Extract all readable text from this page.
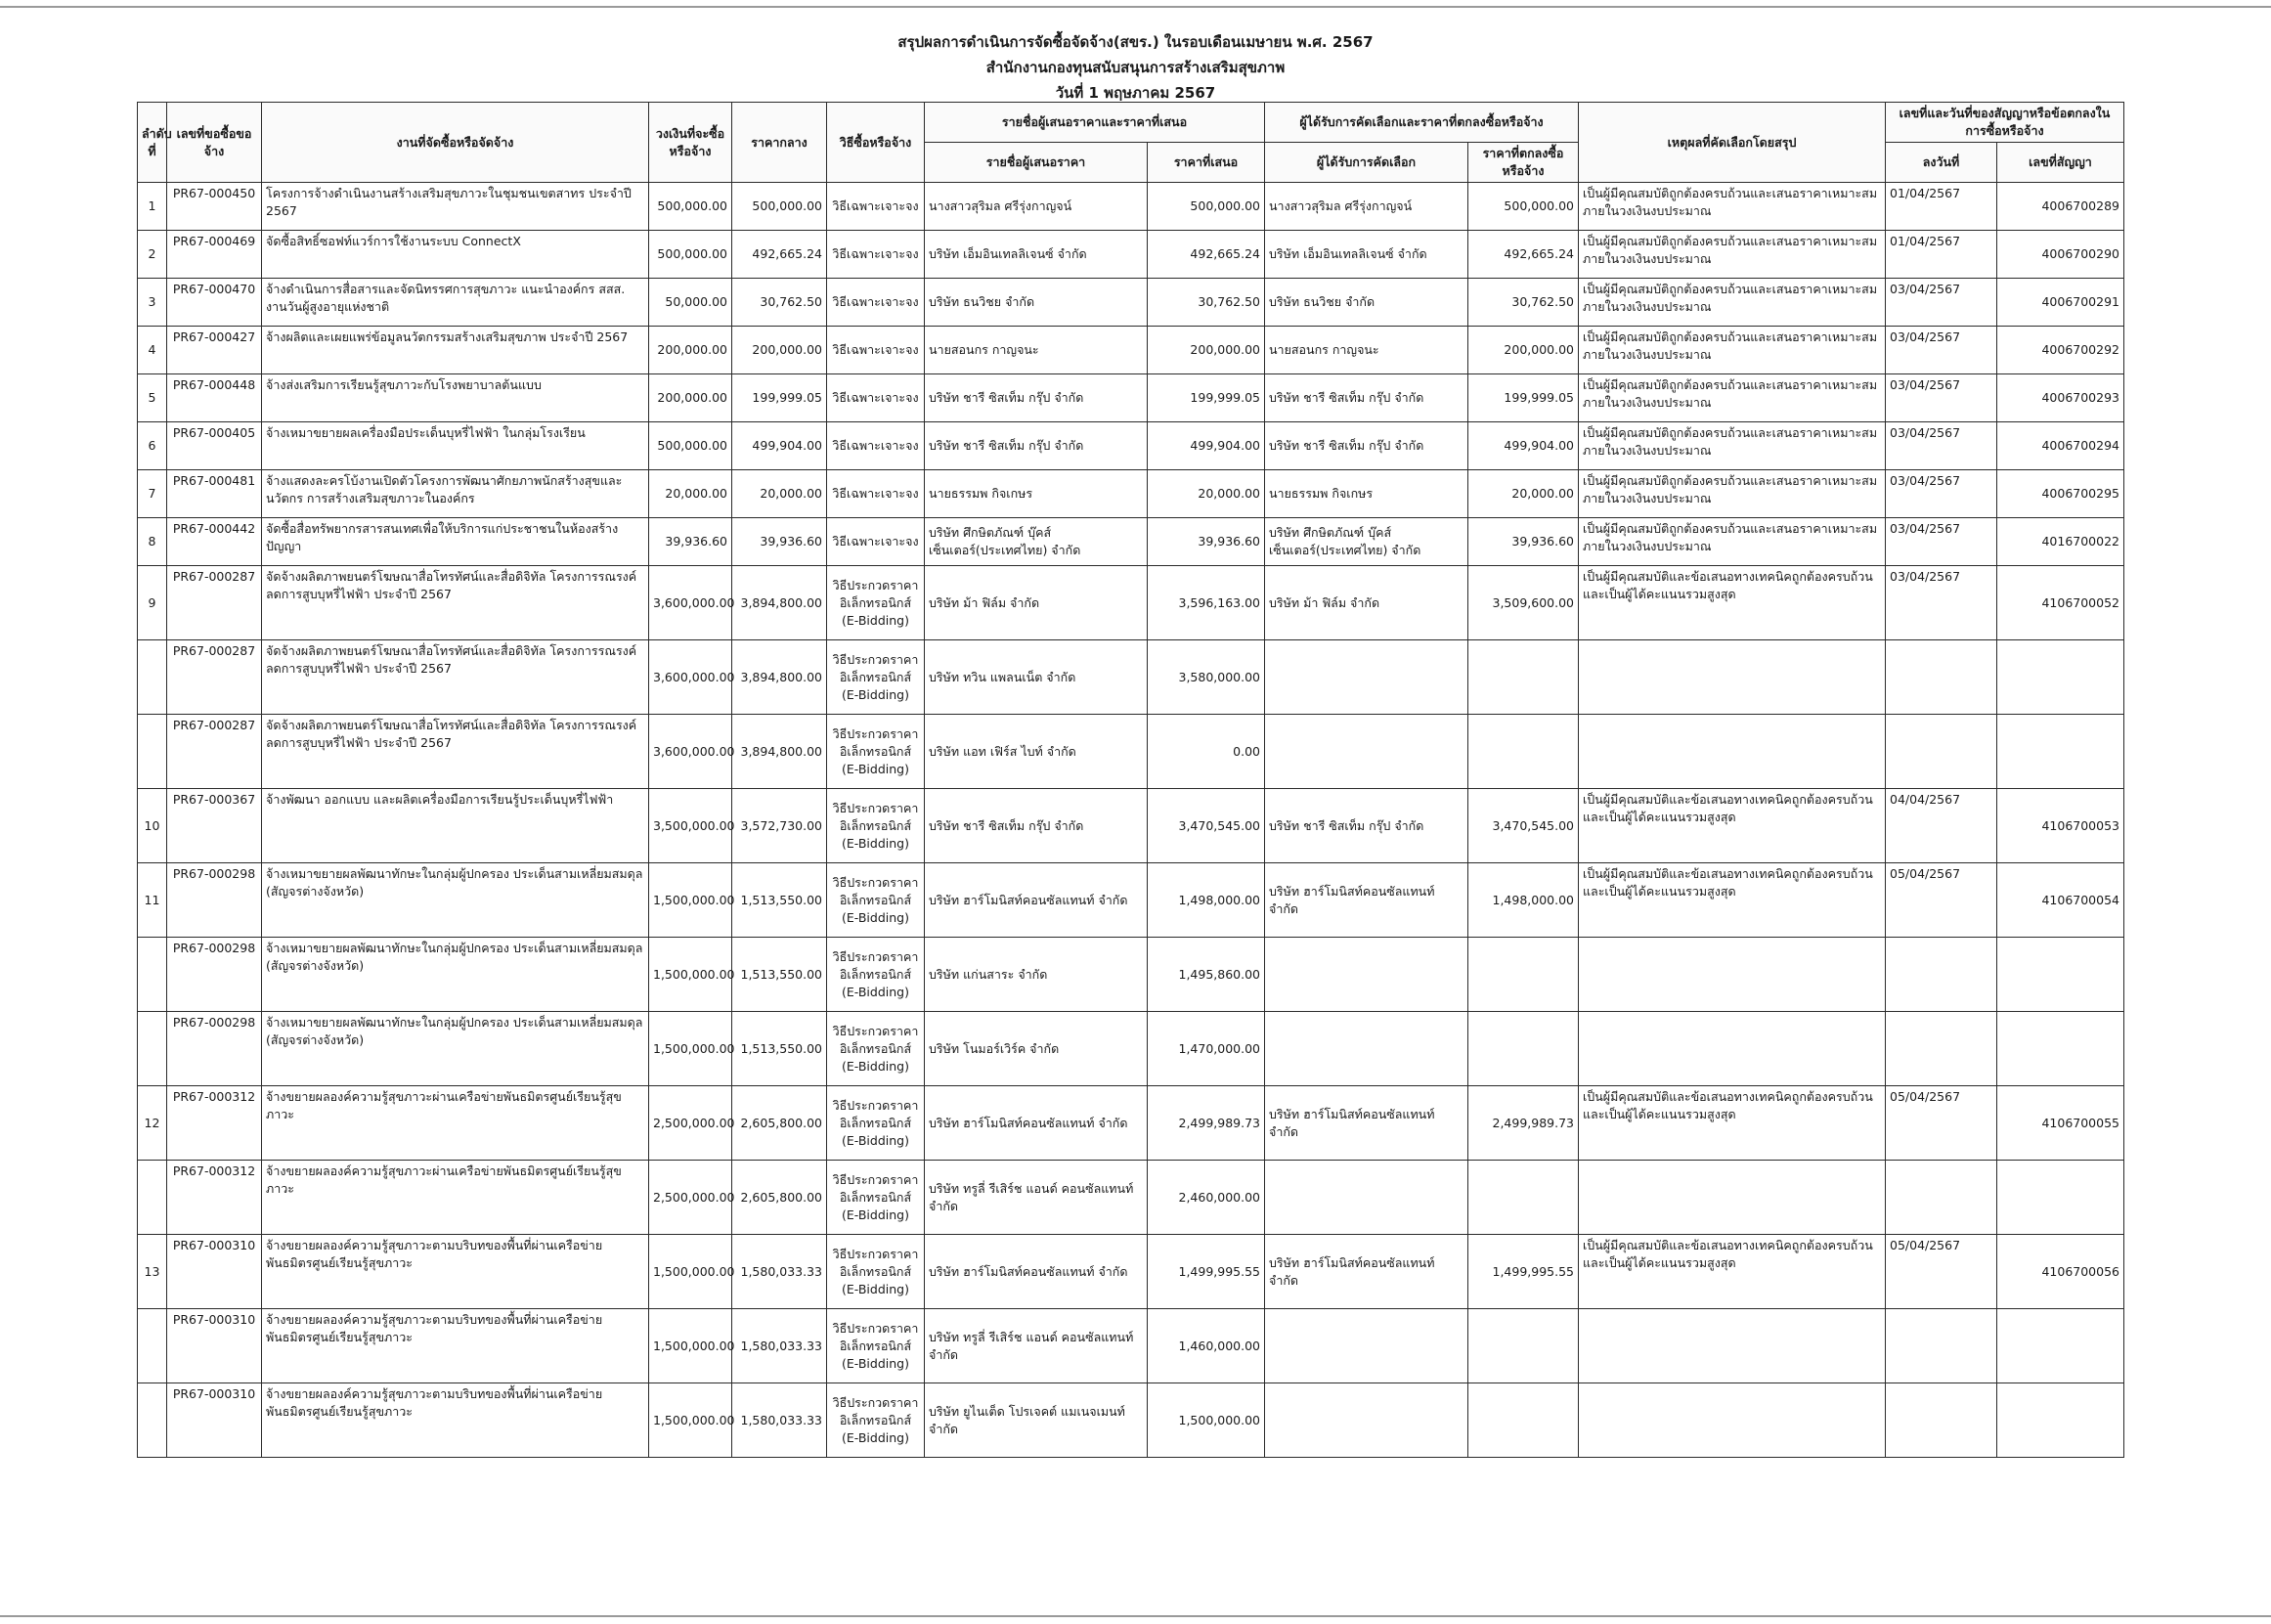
สรุปผลการดำเนินการจัดซื้อจัดจ้าง(สขร.) ในรอบเดือนเมษายน พ.ศ. 2567
สำนักงานกองทุนสนับสนุนการสร้างเสริมสุขภาพ
วันที่ 1 พฤษภาคม 2567
ลำดับที่	เลขที่ขอซื้อขอจ้าง	งานที่จัดซื้อหรือจัดจ้าง	วงเงินที่จะซื้อหรือจ้าง	ราคากลาง	วิธีซื้อหรือจ้าง	รายชื่อผู้เสนอราคาและราคาที่เสนอ		ผู้ได้รับการคัดเลือกและราคาที่ตกลงซื้อหรือจ้าง		เหตุผลที่คัดเลือกโดยสรุป	เลขที่และวันที่ของสัญญาหรือข้อตกลงในการซื้อหรือจ้าง	
						รายชื่อผู้เสนอราคา	ราคาที่เสนอ	ผู้ได้รับการคัดเลือก	ราคาที่ตกลงซื้อหรือจ้าง		ลงวันที่	เลขที่สัญญา
1	PR67-000450	โครงการจ้างดำเนินงานสร้างเสริมสุขภาวะในชุมชนเขตสาทร ประจำปี 2567	500,000.00	500,000.00	วิธีเฉพาะเจาะจง	นางสาวสุริมล ศรีรุ่งกาญจน์	500,000.00	นางสาวสุริมล ศรีรุ่งกาญจน์	500,000.00	เป็นผู้มีคุณสมบัติถูกต้องครบถ้วนและเสนอราคาเหมาะสมภายในวงเงินงบประมาณ	01/04/2567	4006700289
2	PR67-000469	จัดซื้อสิทธิ์ซอฟท์แวร์การใช้งานระบบ ConnectX	500,000.00	492,665.24	วิธีเฉพาะเจาะจง	บริษัท เอ็มอินเทลลิเจนซ์ จำกัด	492,665.24	บริษัท เอ็มอินเทลลิเจนซ์ จำกัด	492,665.24	เป็นผู้มีคุณสมบัติถูกต้องครบถ้วนและเสนอราคาเหมาะสมภายในวงเงินงบประมาณ	01/04/2567	4006700290
3	PR67-000470	จ้างดำเนินการสื่อสารและจัดนิทรรศการสุขภาวะ แนะนำองค์กร สสส. งานวันผู้สูงอายุแห่งชาติ	50,000.00	30,762.50	วิธีเฉพาะเจาะจง	บริษัท ธนวิชย จำกัด	30,762.50	บริษัท ธนวิชย จำกัด	30,762.50	เป็นผู้มีคุณสมบัติถูกต้องครบถ้วนและเสนอราคาเหมาะสมภายในวงเงินงบประมาณ	03/04/2567	4006700291
4	PR67-000427	จ้างผลิตและเผยแพร่ข้อมูลนวัตกรรมสร้างเสริมสุขภาพ ประจำปี 2567	200,000.00	200,000.00	วิธีเฉพาะเจาะจง	นายสอนกร กาญจนะ	200,000.00	นายสอนกร กาญจนะ	200,000.00	เป็นผู้มีคุณสมบัติถูกต้องครบถ้วนและเสนอราคาเหมาะสมภายในวงเงินงบประมาณ	03/04/2567	4006700292
5	PR67-000448	จ้างส่งเสริมการเรียนรู้สุขภาวะกับโรงพยาบาลต้นแบบ	200,000.00	199,999.05	วิธีเฉพาะเจาะจง	บริษัท ชารี ซิสเท็ม กรุ๊ป จำกัด	199,999.05	บริษัท ชารี ซิสเท็ม กรุ๊ป จำกัด	199,999.05	เป็นผู้มีคุณสมบัติถูกต้องครบถ้วนและเสนอราคาเหมาะสมภายในวงเงินงบประมาณ	03/04/2567	4006700293
6	PR67-000405	จ้างเหมาขยายผลเครื่องมือประเด็นบุหรี่ไฟฟ้า ในกลุ่มโรงเรียน	500,000.00	499,904.00	วิธีเฉพาะเจาะจง	บริษัท ชารี ซิสเท็ม กรุ๊ป จำกัด	499,904.00	บริษัท ชารี ซิสเท็ม กรุ๊ป จำกัด	499,904.00	เป็นผู้มีคุณสมบัติถูกต้องครบถ้วนและเสนอราคาเหมาะสมภายในวงเงินงบประมาณ	03/04/2567	4006700294
7	PR67-000481	จ้างแสดงละครโบ้งานเปิดตัวโครงการพัฒนาศักยภาพนักสร้างสุขและนวัตกร การสร้างเสริมสุขภาวะในองค์กร	20,000.00	20,000.00	วิธีเฉพาะเจาะจง	นายธรรมพ กิจเกษร	20,000.00	นายธรรมพ กิจเกษร	20,000.00	เป็นผู้มีคุณสมบัติถูกต้องครบถ้วนและเสนอราคาเหมาะสมภายในวงเงินงบประมาณ	03/04/2567	4006700295
8	PR67-000442	จัดซื้อสื่อทรัพยากรสารสนเทศเพื่อให้บริการแก่ประชาชนในห้องสร้างปัญญา	39,936.60	39,936.60	วิธีเฉพาะเจาะจง	บริษัท ศึกษิตภัณฑ์ บุ๊คส์เซ็นเตอร์(ประเทศไทย) จำกัด	39,936.60	บริษัท ศึกษิตภัณฑ์ บุ๊คส์เซ็นเตอร์(ประเทศไทย) จำกัด	39,936.60	เป็นผู้มีคุณสมบัติถูกต้องครบถ้วนและเสนอราคาเหมาะสมภายในวงเงินงบประมาณ	03/04/2567	4016700022
9	PR67-000287	จัดจ้างผลิตภาพยนตร์โฆษณาสื่อโทรทัศน์และสื่อดิจิทัล โครงการรณรงค์ลดการสูบบุหรี่ไฟฟ้า ประจำปี 2567	3,600,000.00	3,894,800.00	วิธีประกวดราคาอิเล็กทรอนิกส์ (E-Bidding)	บริษัท ม้า ฟิล์ม จำกัด	3,596,163.00	บริษัท ม้า ฟิล์ม จำกัด	3,509,600.00	เป็นผู้มีคุณสมบัติและข้อเสนอทางเทคนิคถูกต้องครบถ้วนและเป็นผู้ได้คะแนนรวมสูงสุด	03/04/2567	4106700052
	PR67-000287	จัดจ้างผลิตภาพยนตร์โฆษณาสื่อโทรทัศน์และสื่อดิจิทัล โครงการรณรงค์ลดการสูบบุหรี่ไฟฟ้า ประจำปี 2567	3,600,000.00	3,894,800.00	วิธีประกวดราคาอิเล็กทรอนิกส์ (E-Bidding)	บริษัท ทวิน แพลนเน็ต จำกัด	3,580,000.00					
	PR67-000287	จัดจ้างผลิตภาพยนตร์โฆษณาสื่อโทรทัศน์และสื่อดิจิทัล โครงการรณรงค์ลดการสูบบุหรี่ไฟฟ้า ประจำปี 2567	3,600,000.00	3,894,800.00	วิธีประกวดราคาอิเล็กทรอนิกส์ (E-Bidding)	บริษัท แอท เฟิร์ส ไบท์ จำกัด	0.00					
10	PR67-000367	จ้างพัฒนา ออกแบบ และผลิตเครื่องมือการเรียนรู้ประเด็นบุหรี่ไฟฟ้า	3,500,000.00	3,572,730.00	วิธีประกวดราคาอิเล็กทรอนิกส์ (E-Bidding)	บริษัท ชารี ซิสเท็ม กรุ๊ป จำกัด	3,470,545.00	บริษัท ชารี ซิสเท็ม กรุ๊ป จำกัด	3,470,545.00	เป็นผู้มีคุณสมบัติและข้อเสนอทางเทคนิคถูกต้องครบถ้วนและเป็นผู้ได้คะแนนรวมสูงสุด	04/04/2567	4106700053
11	PR67-000298	จ้างเหมาขยายผลพัฒนาทักษะในกลุ่มผู้ปกครอง ประเด็นสามเหลี่ยมสมดุล (สัญจรต่างจังหวัด)	1,500,000.00	1,513,550.00	วิธีประกวดราคาอิเล็กทรอนิกส์ (E-Bidding)	บริษัท ฮาร์โมนิสท์คอนซัลแทนท์ จำกัด	1,498,000.00	บริษัท ฮาร์โมนิสท์คอนซัลแทนท์ จำกัด	1,498,000.00	เป็นผู้มีคุณสมบัติและข้อเสนอทางเทคนิคถูกต้องครบถ้วนและเป็นผู้ได้คะแนนรวมสูงสุด	05/04/2567	4106700054
	PR67-000298	จ้างเหมาขยายผลพัฒนาทักษะในกลุ่มผู้ปกครอง ประเด็นสามเหลี่ยมสมดุล (สัญจรต่างจังหวัด)	1,500,000.00	1,513,550.00	วิธีประกวดราคาอิเล็กทรอนิกส์ (E-Bidding)	บริษัท แก่นสาระ จำกัด	1,495,860.00					
	PR67-000298	จ้างเหมาขยายผลพัฒนาทักษะในกลุ่มผู้ปกครอง ประเด็นสามเหลี่ยมสมดุล (สัญจรต่างจังหวัด)	1,500,000.00	1,513,550.00	วิธีประกวดราคาอิเล็กทรอนิกส์ (E-Bidding)	บริษัท โนมอร์เวิร์ค จำกัด	1,470,000.00					
12	PR67-000312	จ้างขยายผลองค์ความรู้สุขภาวะผ่านเครือข่ายพันธมิตรศูนย์เรียนรู้สุขภาวะ	2,500,000.00	2,605,800.00	วิธีประกวดราคาอิเล็กทรอนิกส์ (E-Bidding)	บริษัท ฮาร์โมนิสท์คอนซัลแทนท์ จำกัด	2,499,989.73	บริษัท ฮาร์โมนิสท์คอนซัลแทนท์ จำกัด	2,499,989.73	เป็นผู้มีคุณสมบัติและข้อเสนอทางเทคนิคถูกต้องครบถ้วนและเป็นผู้ได้คะแนนรวมสูงสุด	05/04/2567	4106700055
	PR67-000312	จ้างขยายผลองค์ความรู้สุขภาวะผ่านเครือข่ายพันธมิตรศูนย์เรียนรู้สุขภาวะ	2,500,000.00	2,605,800.00	วิธีประกวดราคาอิเล็กทรอนิกส์ (E-Bidding)	บริษัท ทรูลี่ รีเสิร์ช แอนด์ คอนซัลแทนท์ จำกัด	2,460,000.00					
13	PR67-000310	จ้างขยายผลองค์ความรู้สุขภาวะตามบริบทของพื้นที่ผ่านเครือข่ายพันธมิตรศูนย์เรียนรู้สุขภาวะ	1,500,000.00	1,580,033.33	วิธีประกวดราคาอิเล็กทรอนิกส์ (E-Bidding)	บริษัท ฮาร์โมนิสท์คอนซัลแทนท์ จำกัด	1,499,995.55	บริษัท ฮาร์โมนิสท์คอนซัลแทนท์ จำกัด	1,499,995.55	เป็นผู้มีคุณสมบัติและข้อเสนอทางเทคนิคถูกต้องครบถ้วนและเป็นผู้ได้คะแนนรวมสูงสุด	05/04/2567	4106700056
	PR67-000310	จ้างขยายผลองค์ความรู้สุขภาวะตามบริบทของพื้นที่ผ่านเครือข่ายพันธมิตรศูนย์เรียนรู้สุขภาวะ	1,500,000.00	1,580,033.33	วิธีประกวดราคาอิเล็กทรอนิกส์ (E-Bidding)	บริษัท ทรูลี่ รีเสิร์ช แอนด์ คอนซัลแทนท์ จำกัด	1,460,000.00					
	PR67-000310	จ้างขยายผลองค์ความรู้สุขภาวะตามบริบทของพื้นที่ผ่านเครือข่ายพันธมิตรศูนย์เรียนรู้สุขภาวะ	1,500,000.00	1,580,033.33	วิธีประกวดราคาอิเล็กทรอนิกส์ (E-Bidding)	บริษัท ยูไนเต็ด โปรเจคต์ แมเนจเมนท์ จำกัด	1,500,000.00					
